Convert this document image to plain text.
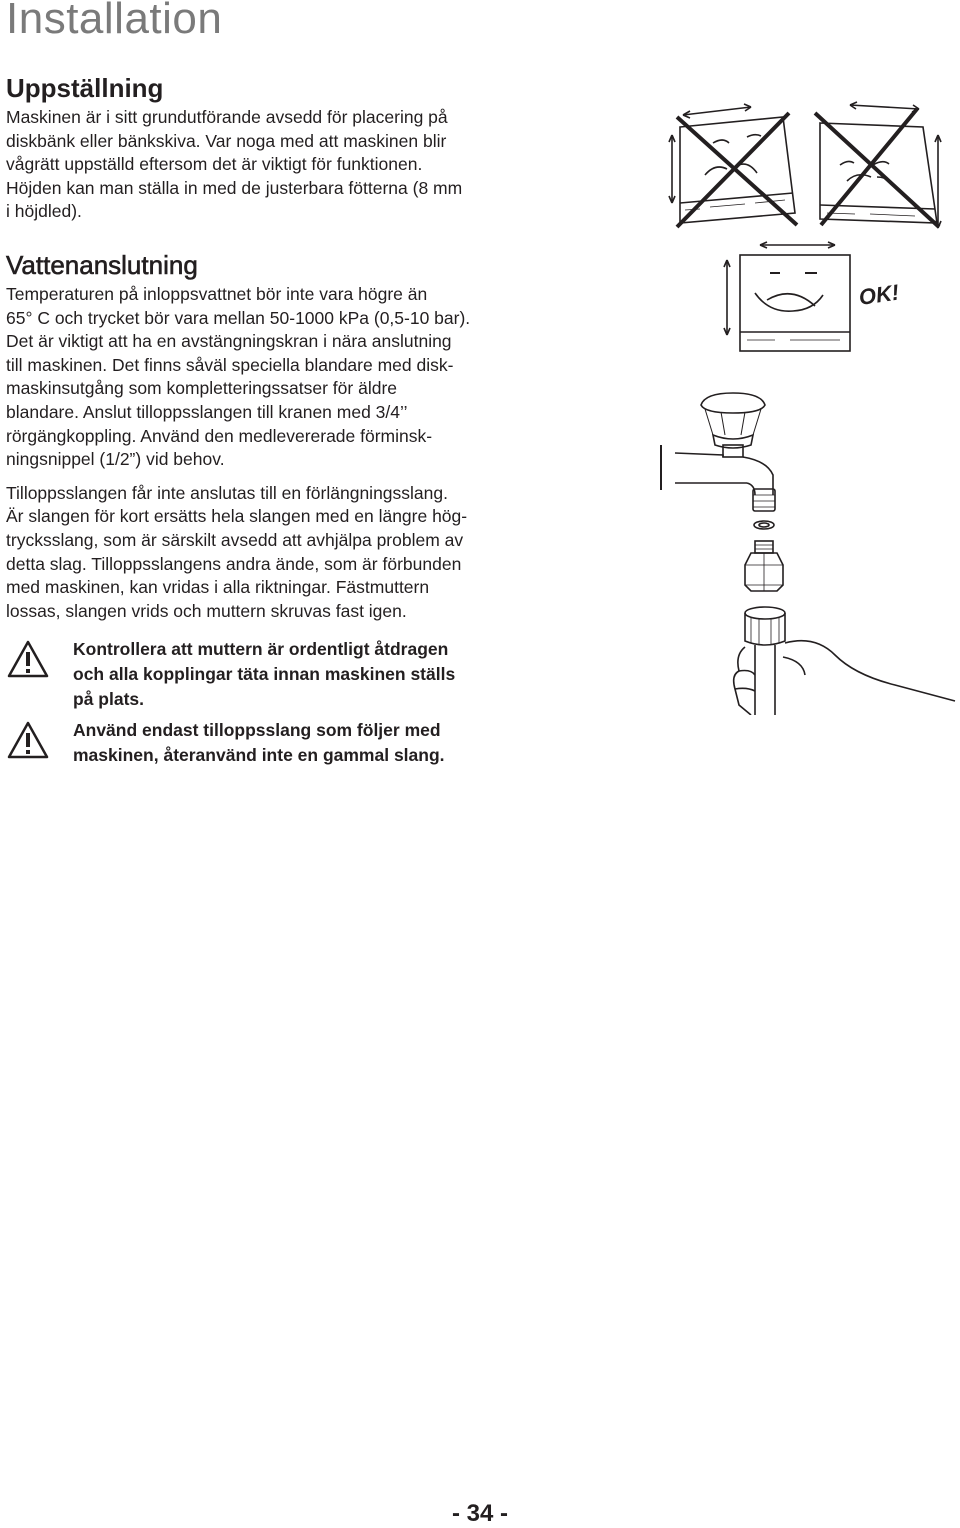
Installation
Uppställning

Maskinen är i sitt grundutförande avsedd för placering på
diskbänk eller bänkskiva. Var noga med att maskinen blir
vågrätt uppställd eftersom det är viktigt för funktionen.
Höjden kan man ställa in med de justerbara fötterna (8 mm
i höjdled).

Vattenanslutning

Temperaturen på inloppsvattnet bör inte vara högre än
65° C och trycket bör vara mellan 50-1000 kPa (0,5-10 bar).
Det är viktigt att ha en avstängningskran i nära anslutning
till maskinen. Det finns såväl speciella blandare med disk-
maskinsutgång som kompletteringssatser för äldre
blandare. Anslut tilloppsslangen till kranen med 3/4’’
rörgängkoppling. Använd den medlevererade förminsk-
ningsnippel (1/2”) vid behov.

Tilloppsslangen får inte anslutas till en förlängningsslang.
Är slangen för kort ersätts hela slangen med en längre hög-
trycksslang, som är särskilt avsedd att avhjälpa problem av
detta slag. Tilloppsslangens andra ände, som är förbunden
med maskinen, kan vridas i alla riktningar. Fästmuttern
lossas, slangen vrids och muttern skruvas fast igen.

Kontrollera att muttern är ordentligt åtdragen
och alla kopplingar täta innan maskinen ställs
på plats.

Använd endast tilloppsslang som följer med
maskinen, återanvänd inte en gammal slang.

OK!
- 34 -
